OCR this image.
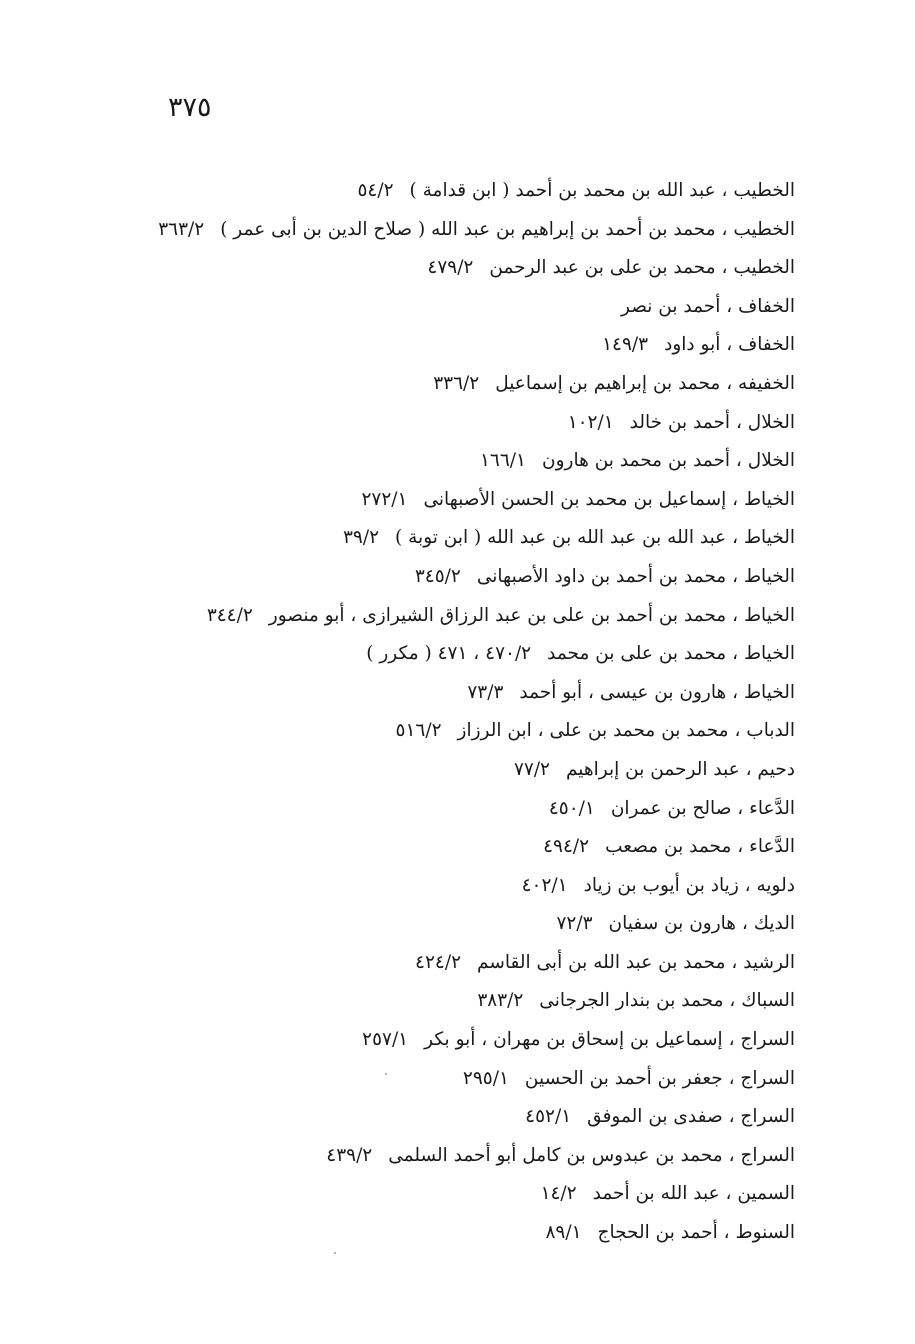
٣٧٥
الخطيب ، عبد الله بن محمد بن أحمد ( ابن قدامة )٥٤/٢
الخطيب ، محمد بن أحمد بن إبراهيم بن عبد الله ( صلاح الدين بن أبى عمر )٣٦٣/٢
الخطيب ، محمد بن على بن عبد الرحمن٤٧٩/٢
الخفاف ، أحمد بن نصر
الخفاف ، أبو داود١٤٩/٣
الخفيفه ، محمد بن إبراهيم بن إسماعيل٣٣٦/٢
الخلال ، أحمد بن خالد١٠٢/١
الخلال ، أحمد بن محمد بن هارون١٦٦/١
الخياط ، إسماعيل بن محمد بن الحسن الأصبهانى٢٧٢/١
الخياط ، عبد الله بن عبد الله بن عبد الله ( ابن توبة )٣٩/٢
الخياط ، محمد بن أحمد بن داود الأصبهانى٣٤٥/٢
الخياط ، محمد بن أحمد بن على بن عبد الرزاق الشيرازى ، أبو منصور٣٤٤/٢
الخياط ، محمد بن على بن محمد٤٧٠/٢ ، ٤٧١ ( مكرر )
الخياط ، هارون بن عيسى ، أبو أحمد٧٣/٣
الدباب ، محمد بن محمد بن على ، ابن الرزاز٥١٦/٢
دحيم ، عبد الرحمن بن إبراهيم٧٧/٢
الدَّعاء ، صالح بن عمران٤٥٠/١
الدَّعاء ، محمد بن مصعب٤٩٤/٢
دلويه ، زياد بن أيوب بن زياد٤٠٢/١
الديك ، هارون بن سفيان٧٢/٣
الرشيد ، محمد بن عبد الله بن أبى القاسم٤٢٤/٢
السباك ، محمد بن بندار الجرجانى٣٨٣/٢
السراج ، إسماعيل بن إسحاق بن مهران ، أبو بكر٢٥٧/١
السراج ، جعفر بن أحمد بن الحسين٢٩٥/١
السراج ، صفدى بن الموفق٤٥٢/١
السراج ، محمد بن عبدوس بن كامل أبو أحمد السلمى٤٣٩/٢
السمين ، عبد الله بن أحمد١٤/٢
السنوط ، أحمد بن الحجاج٨٩/١
